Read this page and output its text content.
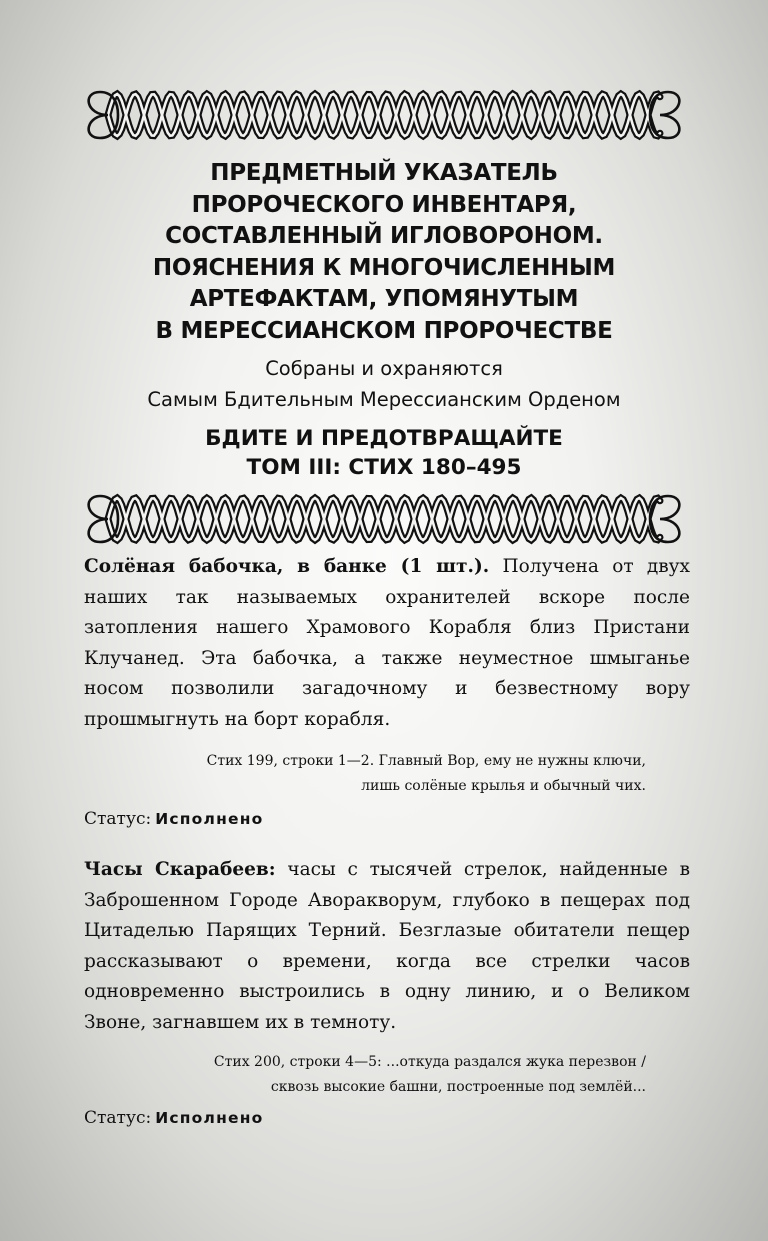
ПРЕДМЕТНЫЙ УКАЗАТЕЛЬ
ПРОРОЧЕСКОГО ИНВЕНТАРЯ,
СОСТАВЛЕННЫЙ ИГЛОВОРОНОМ.
ПОЯСНЕНИЯ К МНОГОЧИСЛЕННЫМ
АРТЕФАКТАМ, УПОМЯНУТЫМ
В МЕРЕССИАНСКОМ ПРОРОЧЕСТВЕ
Собраны и охраняются
Самым Бдительным Мерессианским Орденом
БДИТЕ И ПРЕДОТВРАЩАЙТЕ
ТОМ III: СТИХ 180–495

Солёная бабочка, в банке (1 шт.). Получена от двух наших так называемых охранителей вскоре после затопления нашего Храмового Корабля близ Пристани Клучанед. Эта бабочка, а также неуместное шмыганье носом позволили загадочному и безвестному вору прошмыгнуть на борт корабля.

Стих 199, строки 1—2. Главный Вор, ему не нужны ключи,
лишь солёные крылья и обычный чих.
Статус: Исполнено

Часы Скарабеев: часы с тысячей стрелок, найденные в Заброшенном Городе Аворакворум, глубоко в пещерах под Цитаделью Парящих Терний. Безглазые обитатели пещер рассказывают о времени, когда все стрелки часов одновременно выстроились в одну линию, и о Великом Звоне, загнавшем их в темноту.

Стих 200, строки 4—5: ...откуда раздался жука перезвон /
сквозь высокие башни, построенные под землёй...
Статус: Исполнено
